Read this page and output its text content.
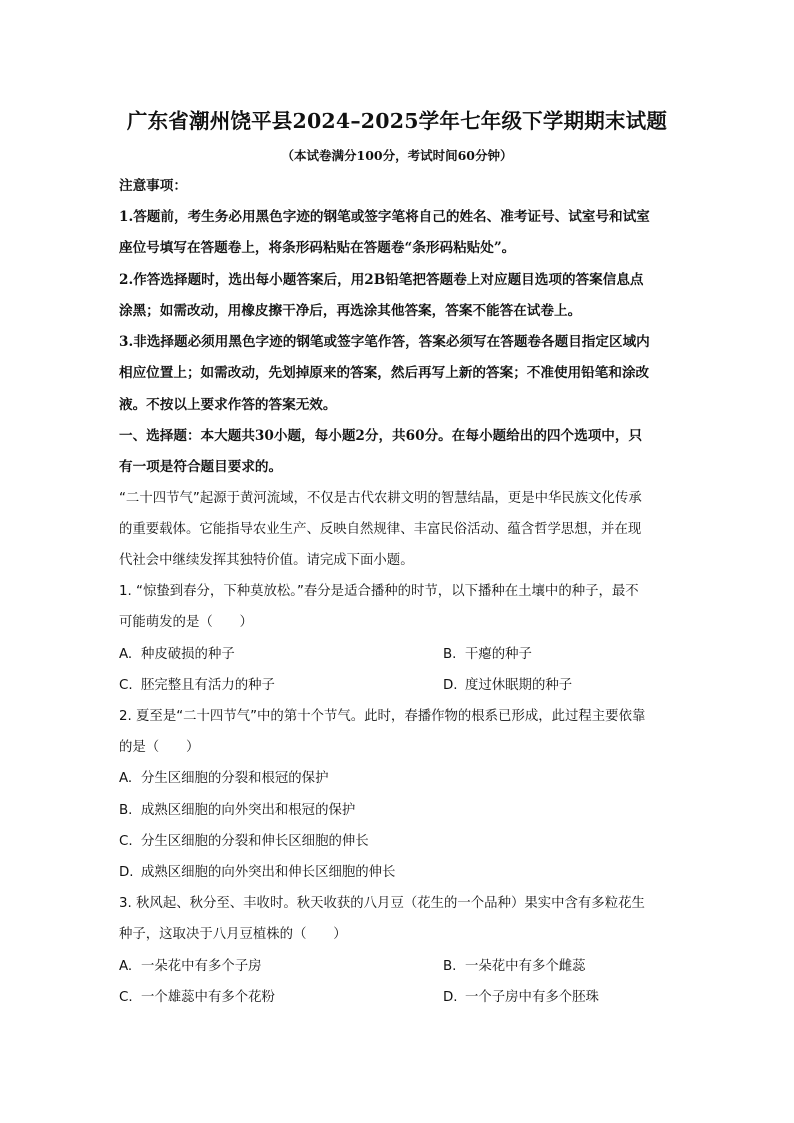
广东省潮州饶平县2024–2025学年七年级下学期期末试题
（本试卷满分100分，考试时间60分钟）
注意事项：
1.答题前，考生务必用黑色字迹的钢笔或签字笔将自己的姓名、准考证号、试室号和试室
座位号填写在答题卷上，将条形码粘贴在答题卷“条形码粘贴处”。
2.作答选择题时，选出每小题答案后，用2B铅笔把答题卷上对应题目选项的答案信息点
涂黑；如需改动，用橡皮擦干净后，再选涂其他答案，答案不能答在试卷上。
3.非选择题必须用黑色字迹的钢笔或签字笔作答，答案必须写在答题卷各题目指定区域内
相应位置上；如需改动，先划掉原来的答案，然后再写上新的答案；不准使用铅笔和涂改
液。不按以上要求作答的答案无效。
一、选择题：本大题共30小题，每小题2分，共60分。在每小题给出的四个选项中，只
有一项是符合题目要求的。
“二十四节气”起源于黄河流域，不仅是古代农耕文明的智慧结晶，更是中华民族文化传承
的重要载体。它能指导农业生产、反映自然规律、丰富民俗活动、蕴含哲学思想，并在现
代社会中继续发挥其独特价值。请完成下面小题。
1. “惊蛰到春分，下种莫放松。”春分是适合播种的时节，以下播种在土壤中的种子，最不
可能萌发的是（　　）
A. 种皮破损的种子	B. 干瘪的种子
C. 胚完整且有活力的种子	D. 度过休眠期的种子
2. 夏至是“二十四节气”中的第十个节气。此时，春播作物的根系已形成，此过程主要依靠
的是（　　）
A. 分生区细胞的分裂和根冠的保护
B. 成熟区细胞的向外突出和根冠的保护
C. 分生区细胞的分裂和伸长区细胞的伸长
D. 成熟区细胞的向外突出和伸长区细胞的伸长
3. 秋风起、秋分至、丰收时。秋天收获的八月豆（花生的一个品种）果实中含有多粒花生
种子，这取决于八月豆植株的（　　）
A. 一朵花中有多个子房	B. 一朵花中有多个雌蕊
C. 一个雄蕊中有多个花粉	D. 一个子房中有多个胚珠
